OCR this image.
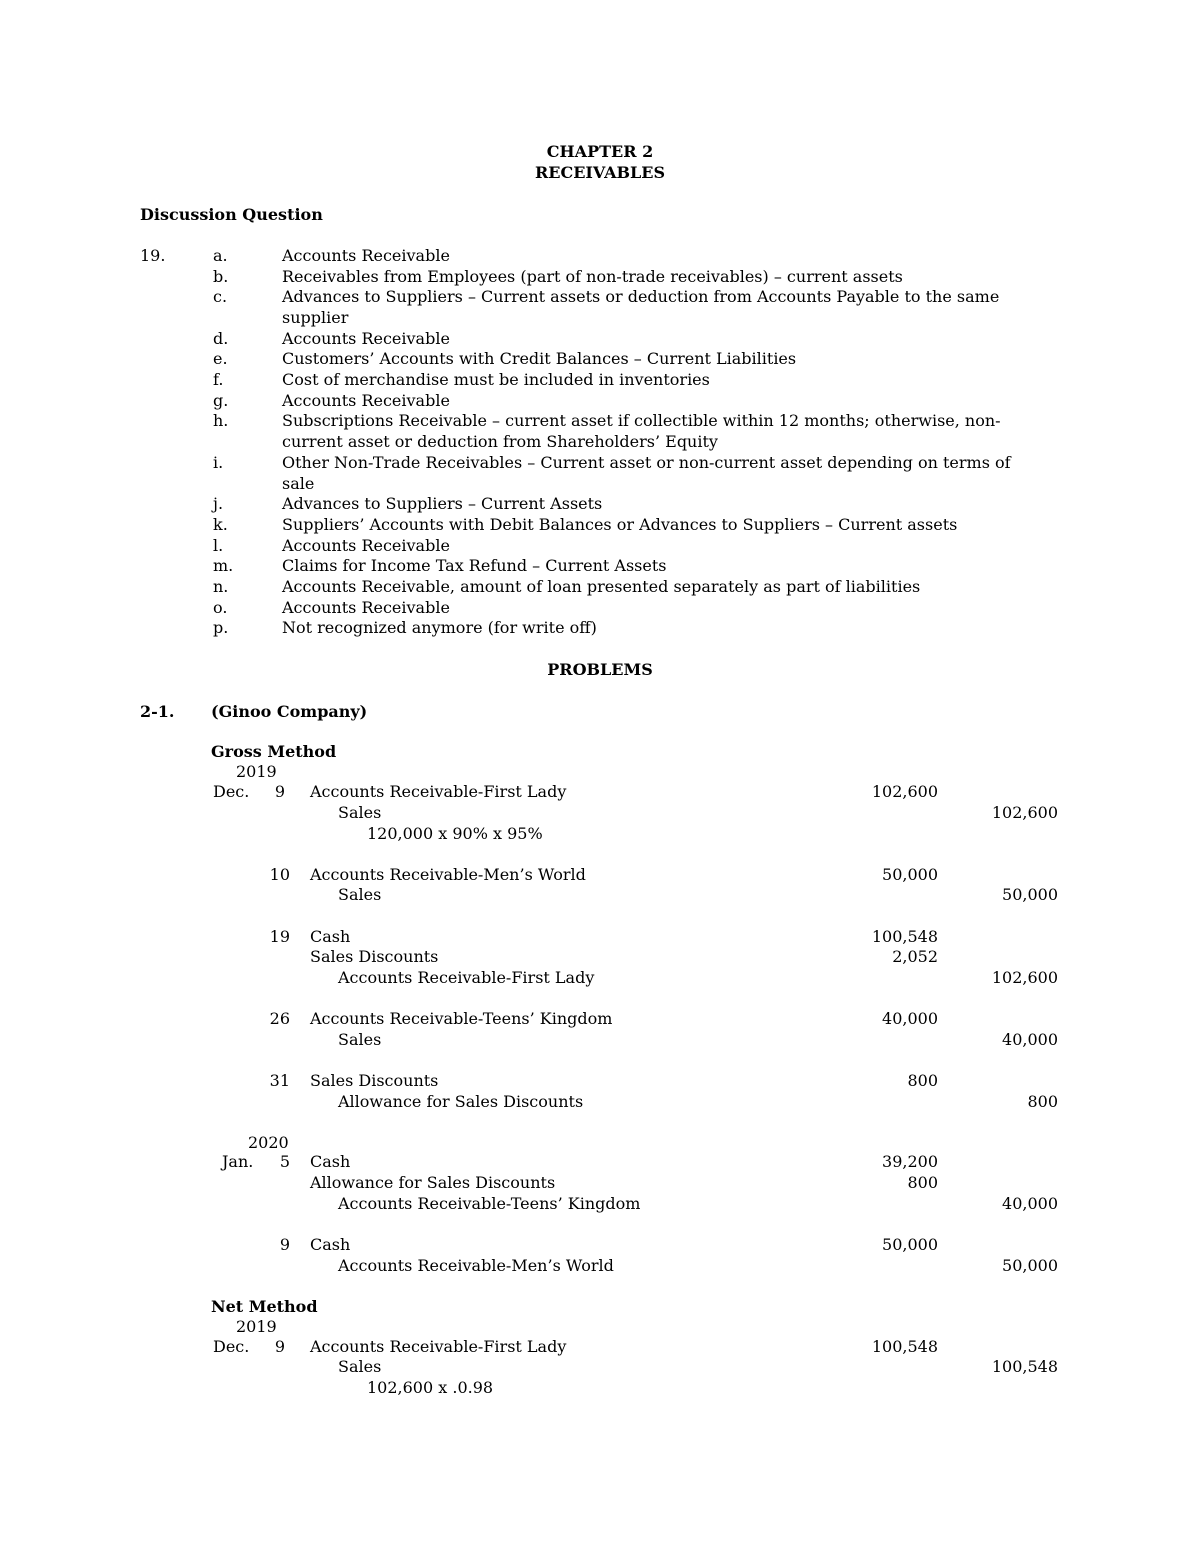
CHAPTER 2
RECEIVABLES
Discussion Question
19.	a.	Accounts Receivable
b.	Receivables from Employees (part of non-trade receivables) – current assets
c.	Advances to Suppliers – Current assets or deduction from Accounts Payable to the same
supplier
d.	Accounts Receivable
e.	Customers’ Accounts with Credit Balances – Current Liabilities
f.	Cost of merchandise must be included in inventories
g.	Accounts Receivable
h.	Subscriptions Receivable – current asset if collectible within 12 months; otherwise, non-
current asset or deduction from Shareholders’ Equity
i.	Other Non-Trade Receivables – Current asset or non-current asset depending on terms of
sale
j.	Advances to Suppliers – Current Assets
k.	Suppliers’ Accounts with Debit Balances or Advances to Suppliers – Current assets
l.	Accounts Receivable
m.	Claims for Income Tax Refund – Current Assets
n.	Accounts Receivable, amount of loan presented separately as part of liabilities
o.	Accounts Receivable
p.	Not recognized anymore (for write off)
PROBLEMS
2-1. (Ginoo Company)
Gross Method
2019
Dec.	9 Accounts Receivable-First Lady	102,600
Sales	102,600
120,000 x 90% x 95%
10 Accounts Receivable-Men’s World	50,000
Sales	50,000
19 Cash	100,548
Sales Discounts	2,052
Accounts Receivable-First Lady	102,600
26 Accounts Receivable-Teens’ Kingdom	40,000
Sales	40,000
31 Sales Discounts	800
Allowance for Sales Discounts	800
2020
Jan.	5 Cash	39,200
Allowance for Sales Discounts	800
Accounts Receivable-Teens’ Kingdom	40,000
9 Cash	50,000
Accounts Receivable-Men’s World	50,000
Net Method
2019
Dec.	9 Accounts Receivable-First Lady	100,548
Sales	100,548
102,600 x .0.98
